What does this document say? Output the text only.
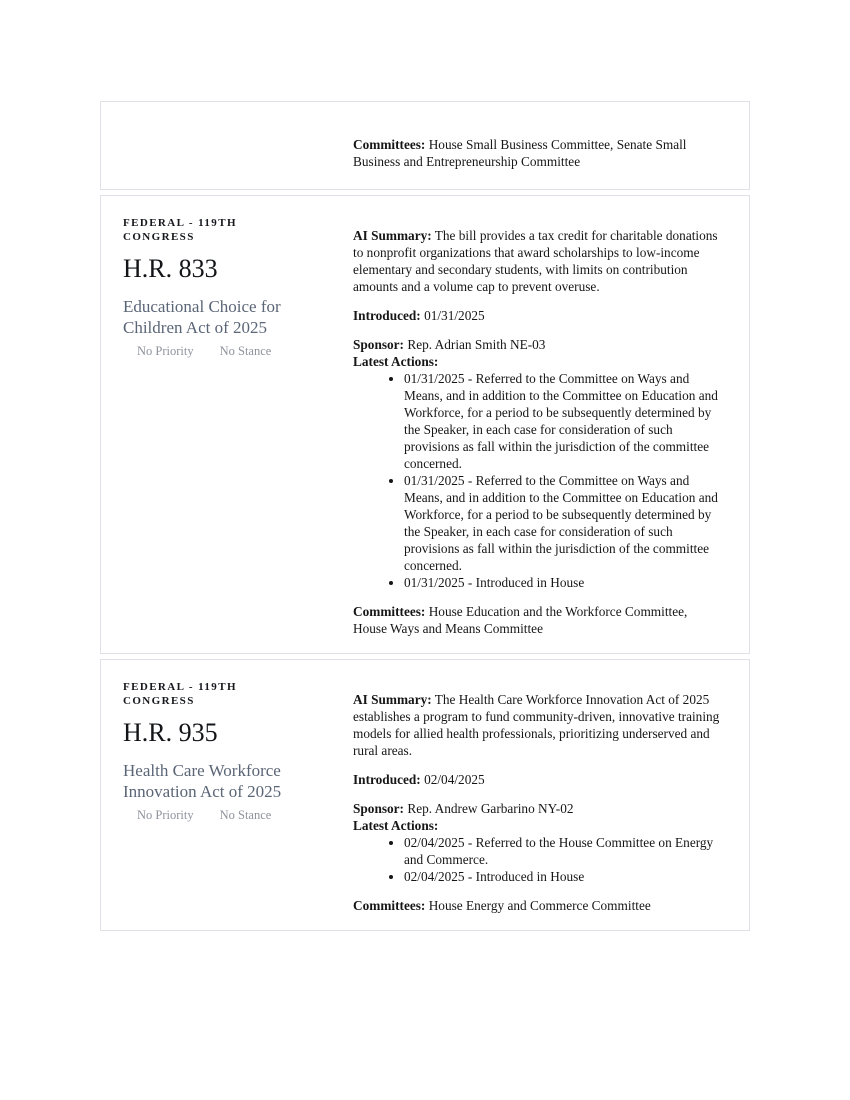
Committees: House Small Business Committee, Senate Small Business and Entrepreneurship Committee

FEDERAL - 119TH CONGRESS
H.R. 833
Educational Choice for Children Act of 2025
No Priority No Stance

AI Summary: The bill provides a tax credit for charitable donations to nonprofit organizations that award scholarships to low-income elementary and secondary students, with limits on contribution amounts and a volume cap to prevent overuse.

Introduced: 01/31/2025

Sponsor: Rep. Adrian Smith NE-03

Latest Actions:

• 01/31/2025 - Referred to the Committee on Ways and Means, and in addition to the Committee on Education and Workforce, for a period to be subsequently determined by the Speaker, in each case for consideration of such provisions as fall within the jurisdiction of the committee concerned.
• 01/31/2025 - Referred to the Committee on Ways and Means, and in addition to the Committee on Education and Workforce, for a period to be subsequently determined by the Speaker, in each case for consideration of such provisions as fall within the jurisdiction of the committee concerned.
• 01/31/2025 - Introduced in House

Committees: House Education and the Workforce Committee, House Ways and Means Committee

FEDERAL - 119TH CONGRESS
H.R. 935
Health Care Workforce Innovation Act of 2025
No Priority No Stance

AI Summary: The Health Care Workforce Innovation Act of 2025 establishes a program to fund community-driven, innovative training models for allied health professionals, prioritizing underserved and rural areas.

Introduced: 02/04/2025

Sponsor: Rep. Andrew Garbarino NY-02

Latest Actions:

• 02/04/2025 - Referred to the House Committee on Energy and Commerce.
• 02/04/2025 - Introduced in House

Committees: House Energy and Commerce Committee
